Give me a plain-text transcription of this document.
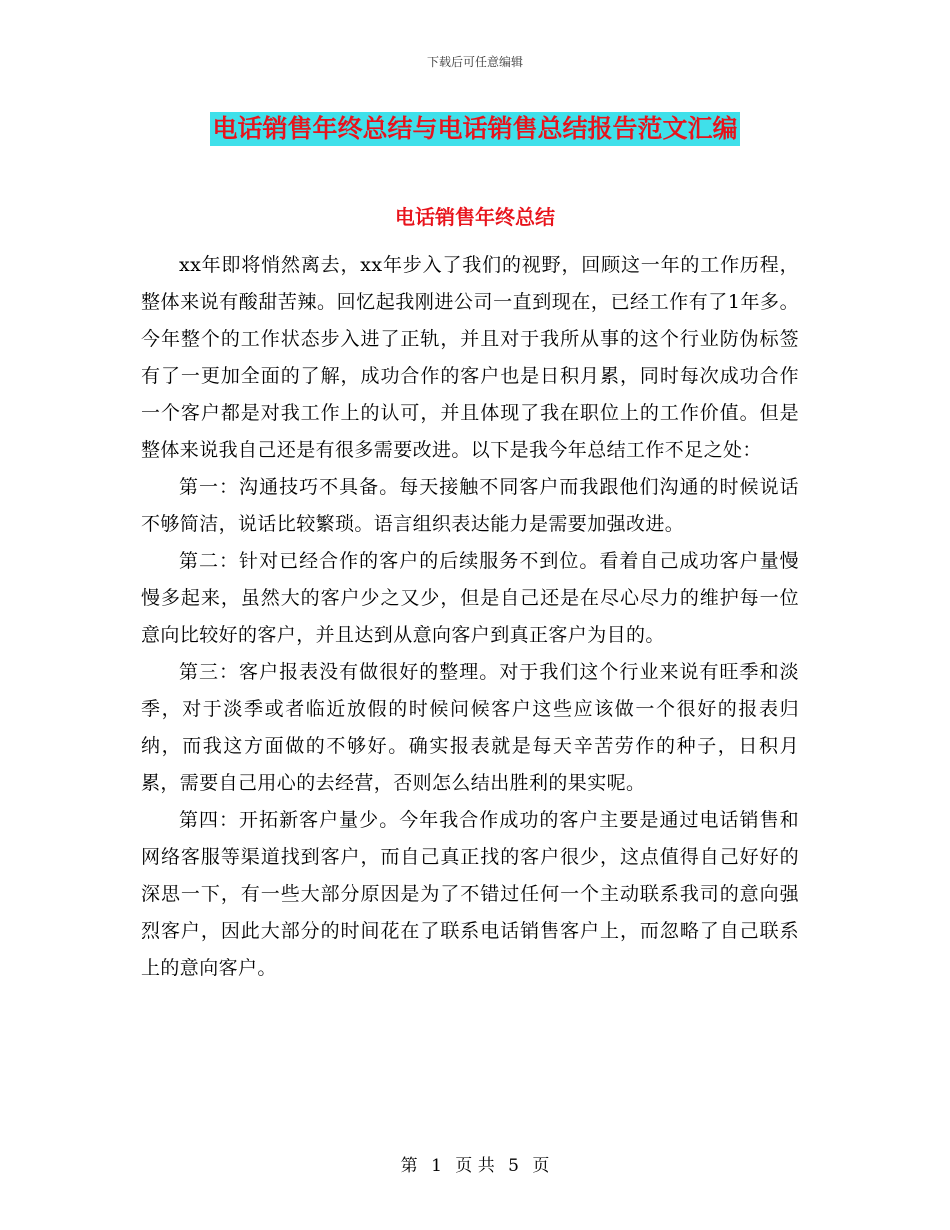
下载后可任意编辑
电话销售年终总结与电话销售总结报告范文汇编
电话销售年终总结

xx年即将悄然离去，xx年步入了我们的视野，回顾这一年的工作历程，整体来说有酸甜苦辣。回忆起我刚进公司一直到现在，已经工作有了1年多。今年整个的工作状态步入进了正轨，并且对于我所从事的这个行业防伪标签有了一更加全面的了解，成功合作的客户也是日积月累，同时每次成功合作一个客户都是对我工作上的认可，并且体现了我在职位上的工作价值。但是整体来说我自己还是有很多需要改进。以下是我今年总结工作不足之处：

第一：沟通技巧不具备。每天接触不同客户而我跟他们沟通的时候说话不够简洁，说话比较繁琐。语言组织表达能力是需要加强改进。

第二：针对已经合作的客户的后续服务不到位。看着自己成功客户量慢慢多起来，虽然大的客户少之又少，但是自己还是在尽心尽力的维护每一位意向比较好的客户，并且达到从意向客户到真正客户为目的。

第三：客户报表没有做很好的整理。对于我们这个行业来说有旺季和淡季，对于淡季或者临近放假的时候问候客户这些应该做一个很好的报表归纳，而我这方面做的不够好。确实报表就是每天辛苦劳作的种子，日积月累，需要自己用心的去经营，否则怎么结出胜利的果实呢。

第四：开拓新客户量少。今年我合作成功的客户主要是通过电话销售和网络客服等渠道找到客户，而自己真正找的客户很少，这点值得自己好好的深思一下，有一些大部分原因是为了不错过任何一个主动联系我司的意向强烈客户，因此大部分的时间花在了联系电话销售客户上，而忽略了自己联系上的意向客户。

第 1 页 共 5 页
